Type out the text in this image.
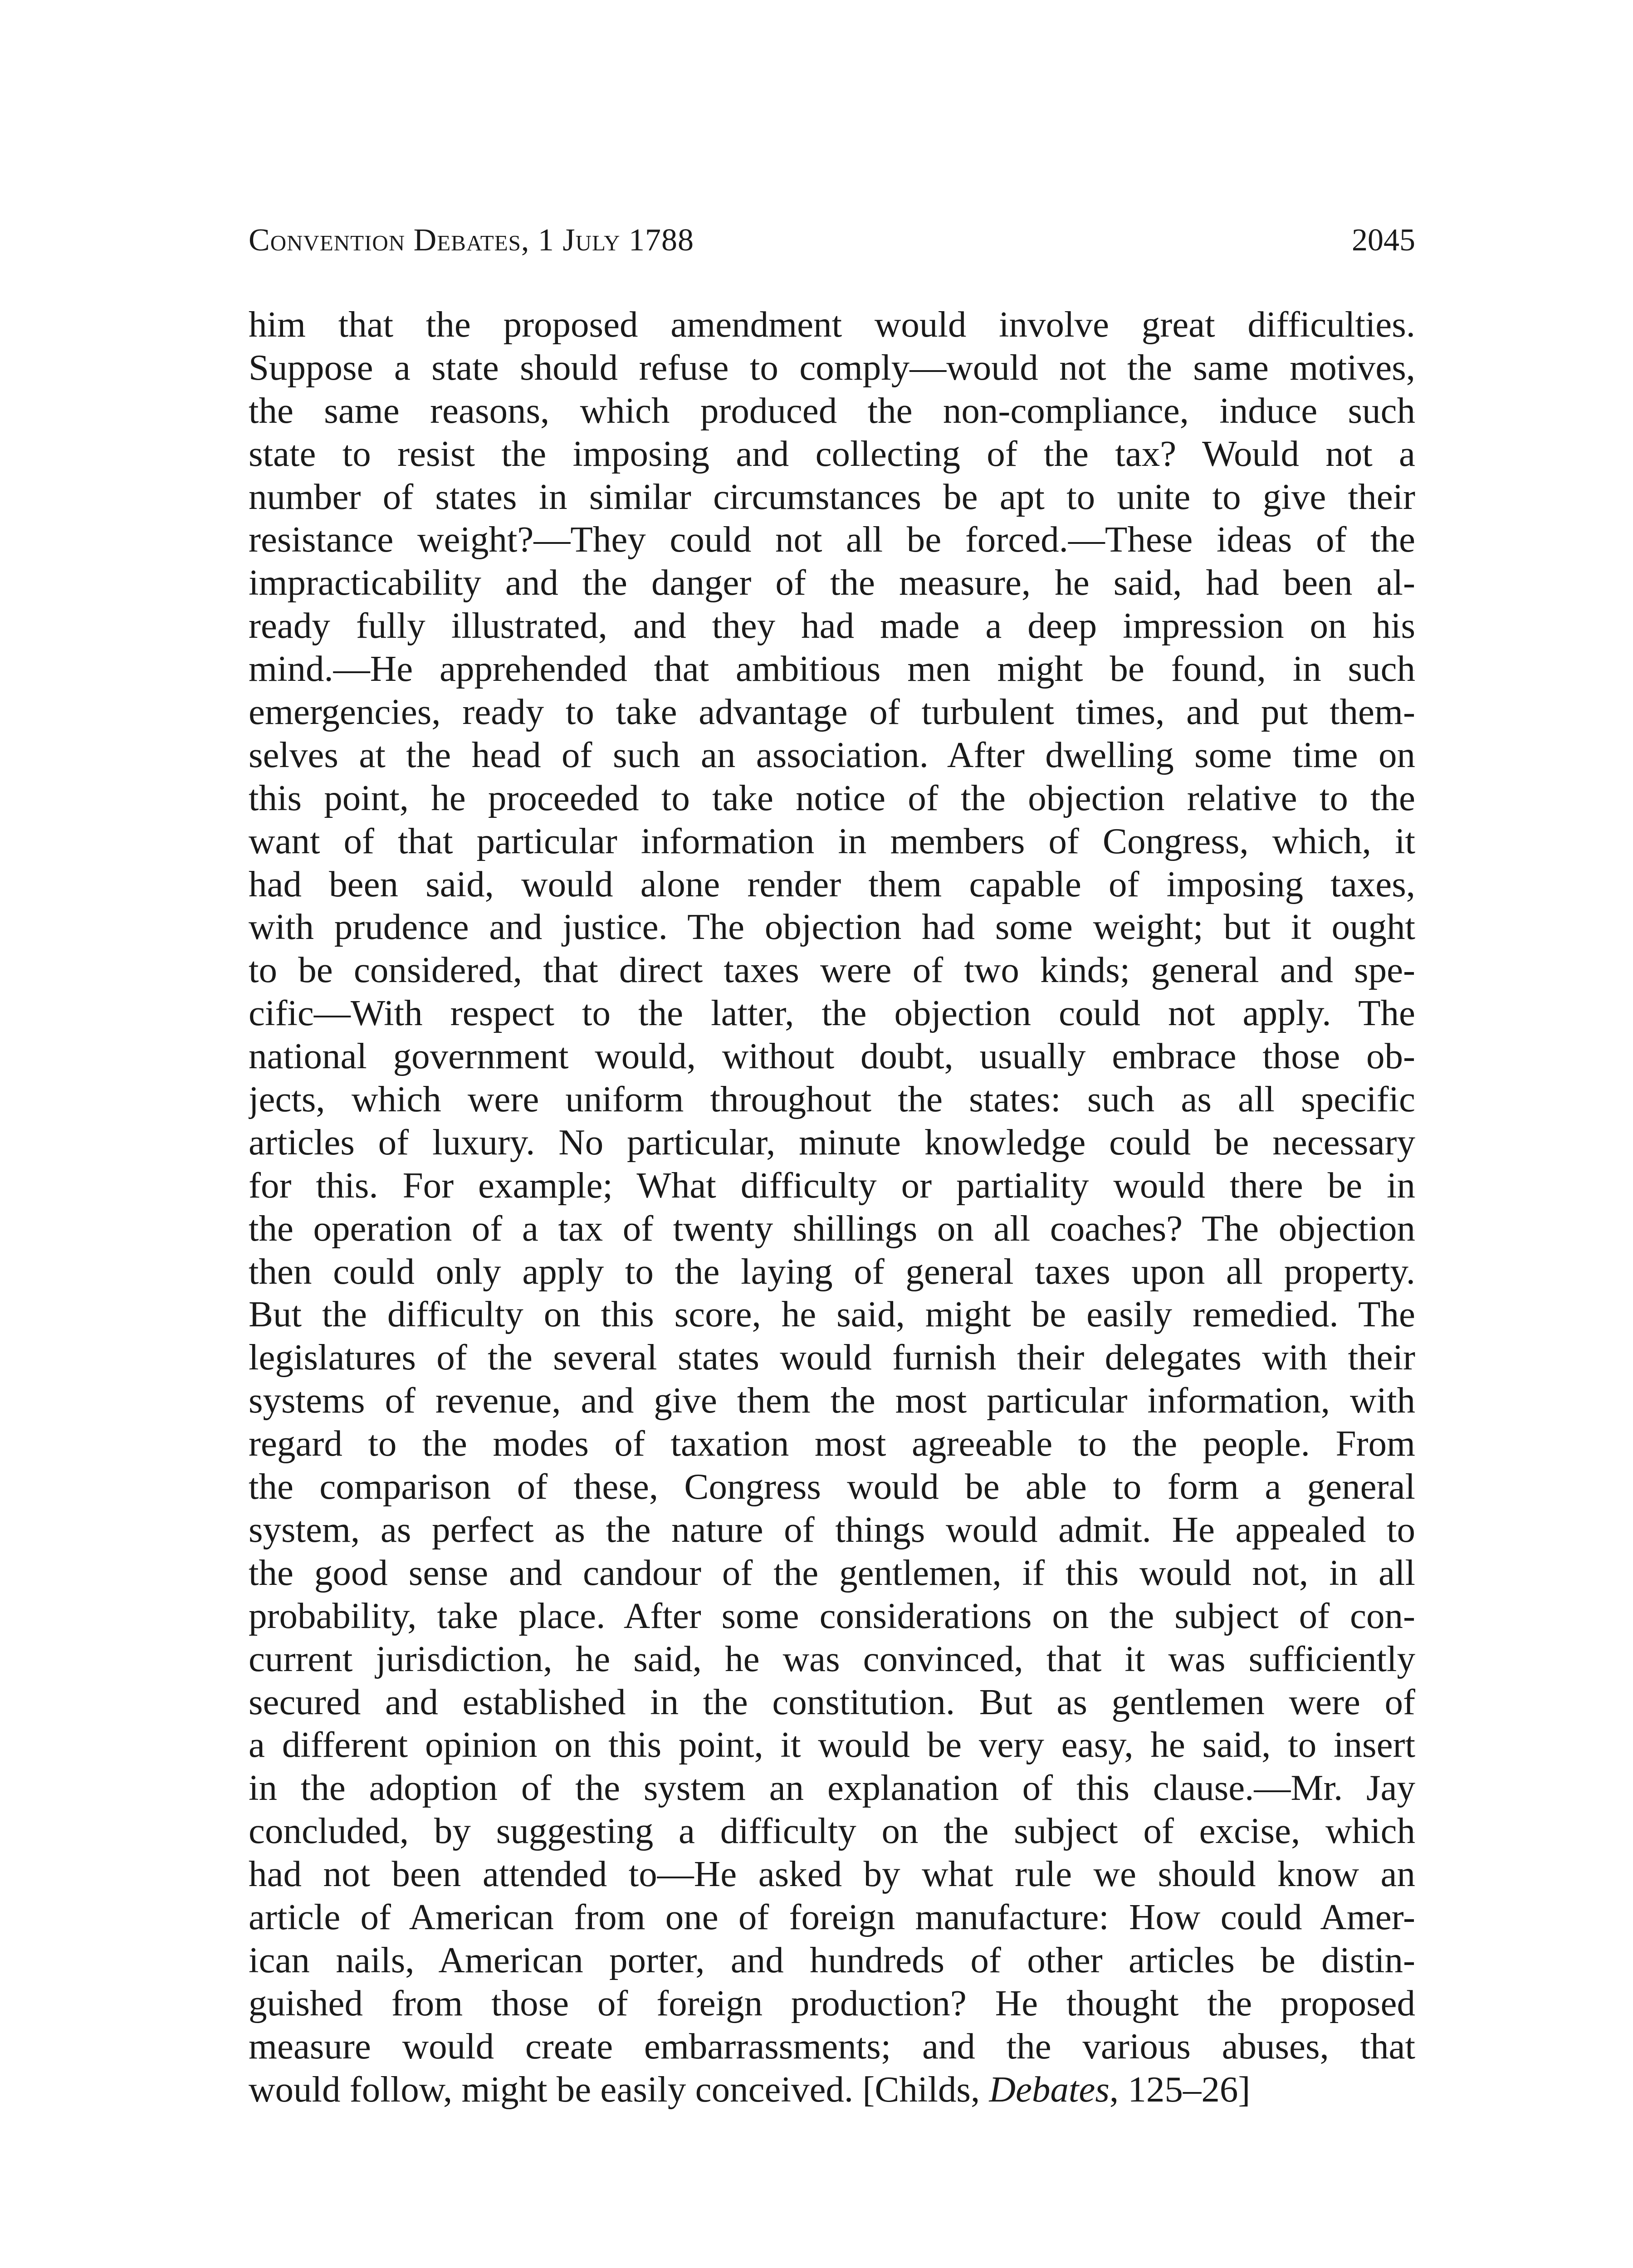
Convention Debates, 1 July 1788	2045
him that the proposed amendment would involve great difficulties.
Suppose a state should refuse to comply—would not the same motives,
the same reasons, which produced the non-compliance, induce such
state to resist the imposing and collecting of the tax? Would not a
number of states in similar circumstances be apt to unite to give their
resistance weight?—They could not all be forced.—These ideas of the
impracticability and the danger of the measure, he said, had been al-
ready fully illustrated, and they had made a deep impression on his
mind.—He apprehended that ambitious men might be found, in such
emergencies, ready to take advantage of turbulent times, and put them-
selves at the head of such an association. After dwelling some time on
this point, he proceeded to take notice of the objection relative to the
want of that particular information in members of Congress, which, it
had been said, would alone render them capable of imposing taxes,
with prudence and justice. The objection had some weight; but it ought
to be considered, that direct taxes were of two kinds; general and spe-
cific—With respect to the latter, the objection could not apply. The
national government would, without doubt, usually embrace those ob-
jects, which were uniform throughout the states: such as all specific
articles of luxury. No particular, minute knowledge could be necessary
for this. For example; What difficulty or partiality would there be in
the operation of a tax of twenty shillings on all coaches? The objection
then could only apply to the laying of general taxes upon all property.
But the difficulty on this score, he said, might be easily remedied. The
legislatures of the several states would furnish their delegates with their
systems of revenue, and give them the most particular information, with
regard to the modes of taxation most agreeable to the people. From
the comparison of these, Congress would be able to form a general
system, as perfect as the nature of things would admit. He appealed to
the good sense and candour of the gentlemen, if this would not, in all
probability, take place. After some considerations on the subject of con-
current jurisdiction, he said, he was convinced, that it was sufficiently
secured and established in the constitution. But as gentlemen were of
a different opinion on this point, it would be very easy, he said, to insert
in the adoption of the system an explanation of this clause.—Mr. Jay
concluded, by suggesting a difficulty on the subject of excise, which
had not been attended to—He asked by what rule we should know an
article of American from one of foreign manufacture: How could Amer-
ican nails, American porter, and hundreds of other articles be distin-
guished from those of foreign production? He thought the proposed
measure would create embarrassments; and the various abuses, that
would follow, might be easily conceived. [Childs, Debates, 125–26]
